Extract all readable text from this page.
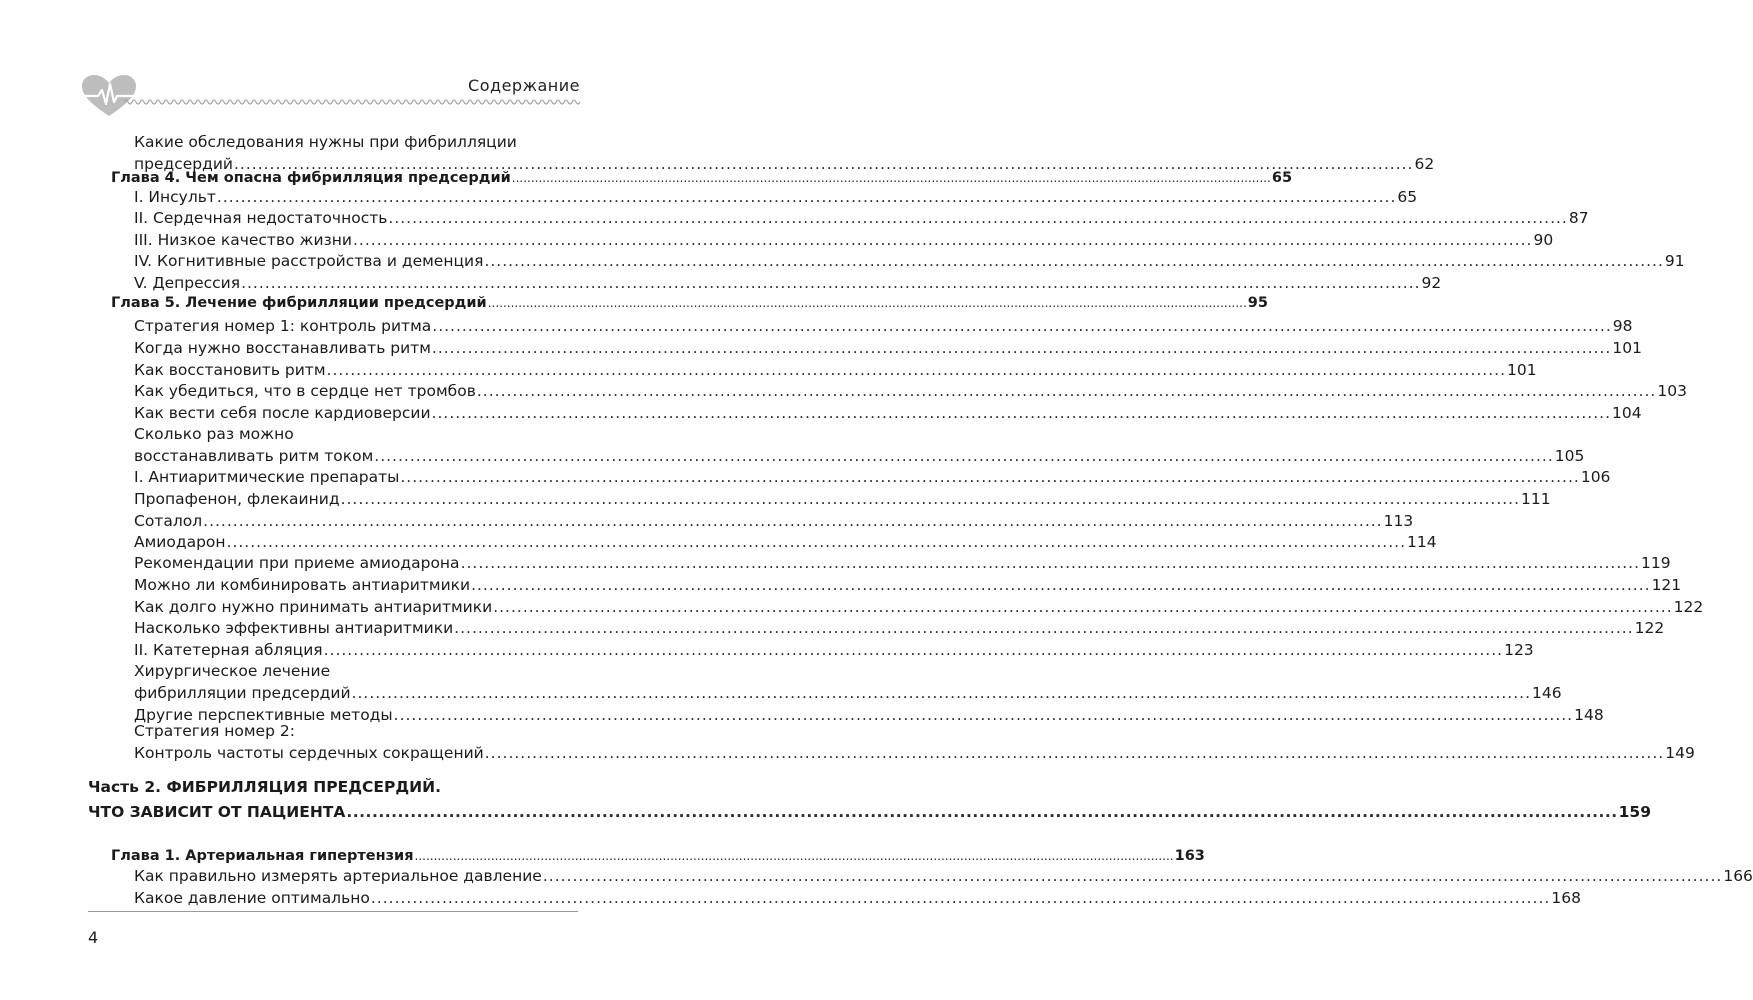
Содержание
предсердий ....................................................................................................................................................................................................... 62
Какие обследования нужны при фибрилляции
Глава 4. Чем опасна фибрилляция предсердий ....................................................................................................................................................................................................... 65
I. Инсульт ....................................................................................................................................................................................................... 65
II. Сердечная недостаточность ....................................................................................................................................................................................................... 87
III. Низкое качество жизни ....................................................................................................................................................................................................... 90
IV. Когнитивные расстройства и деменция ....................................................................................................................................................................................................... 91
V. Депрессия ....................................................................................................................................................................................................... 92
Глава 5. Лечение фибрилляции предсердий ....................................................................................................................................................................................................... 95
Стратегия номер 1: контроль ритма ....................................................................................................................................................................................................... 98
Когда нужно восстанавливать ритм ....................................................................................................................................................................................................... 101
Как восстановить ритм ....................................................................................................................................................................................................... 101
Как убедиться, что в сердце нет тромбов ....................................................................................................................................................................................................... 103
Как вести себя после кардиоверсии ....................................................................................................................................................................................................... 104
восстанавливать ритм током ....................................................................................................................................................................................................... 105
Сколько раз можно
I. Антиаритмические препараты ....................................................................................................................................................................................................... 106
Пропафенон, флекаинид ....................................................................................................................................................................................................... 111
Соталол ....................................................................................................................................................................................................... 113
Амиодарон ....................................................................................................................................................................................................... 114
Рекомендации при приеме амиодарона ....................................................................................................................................................................................................... 119
Можно ли комбинировать антиаритмики ....................................................................................................................................................................................................... 121
Как долго нужно принимать антиаритмики ....................................................................................................................................................................................................... 122
Насколько эффективны антиаритмики ....................................................................................................................................................................................................... 122
II. Катетерная абляция ....................................................................................................................................................................................................... 123
фибрилляции предсердий ....................................................................................................................................................................................................... 146
Хирургическое лечение
Другие перспективные методы ....................................................................................................................................................................................................... 148
Контроль частоты сердечных сокращений ....................................................................................................................................................................................................... 149
Стратегия номер 2:
ЧТО ЗАВИСИТ ОТ ПАЦИЕНТА ....................................................................................................................................................................................................... 159
Глава 1. Артериальная гипертензия ....................................................................................................................................................................................................... 163
Как правильно измерять артериальное давление ....................................................................................................................................................................................................... 166
Какое давление оптимально ....................................................................................................................................................................................................... 168
4
Часть 2. ФИБРИЛЛЯЦИЯ ПРЕДСЕРДИЙ.
